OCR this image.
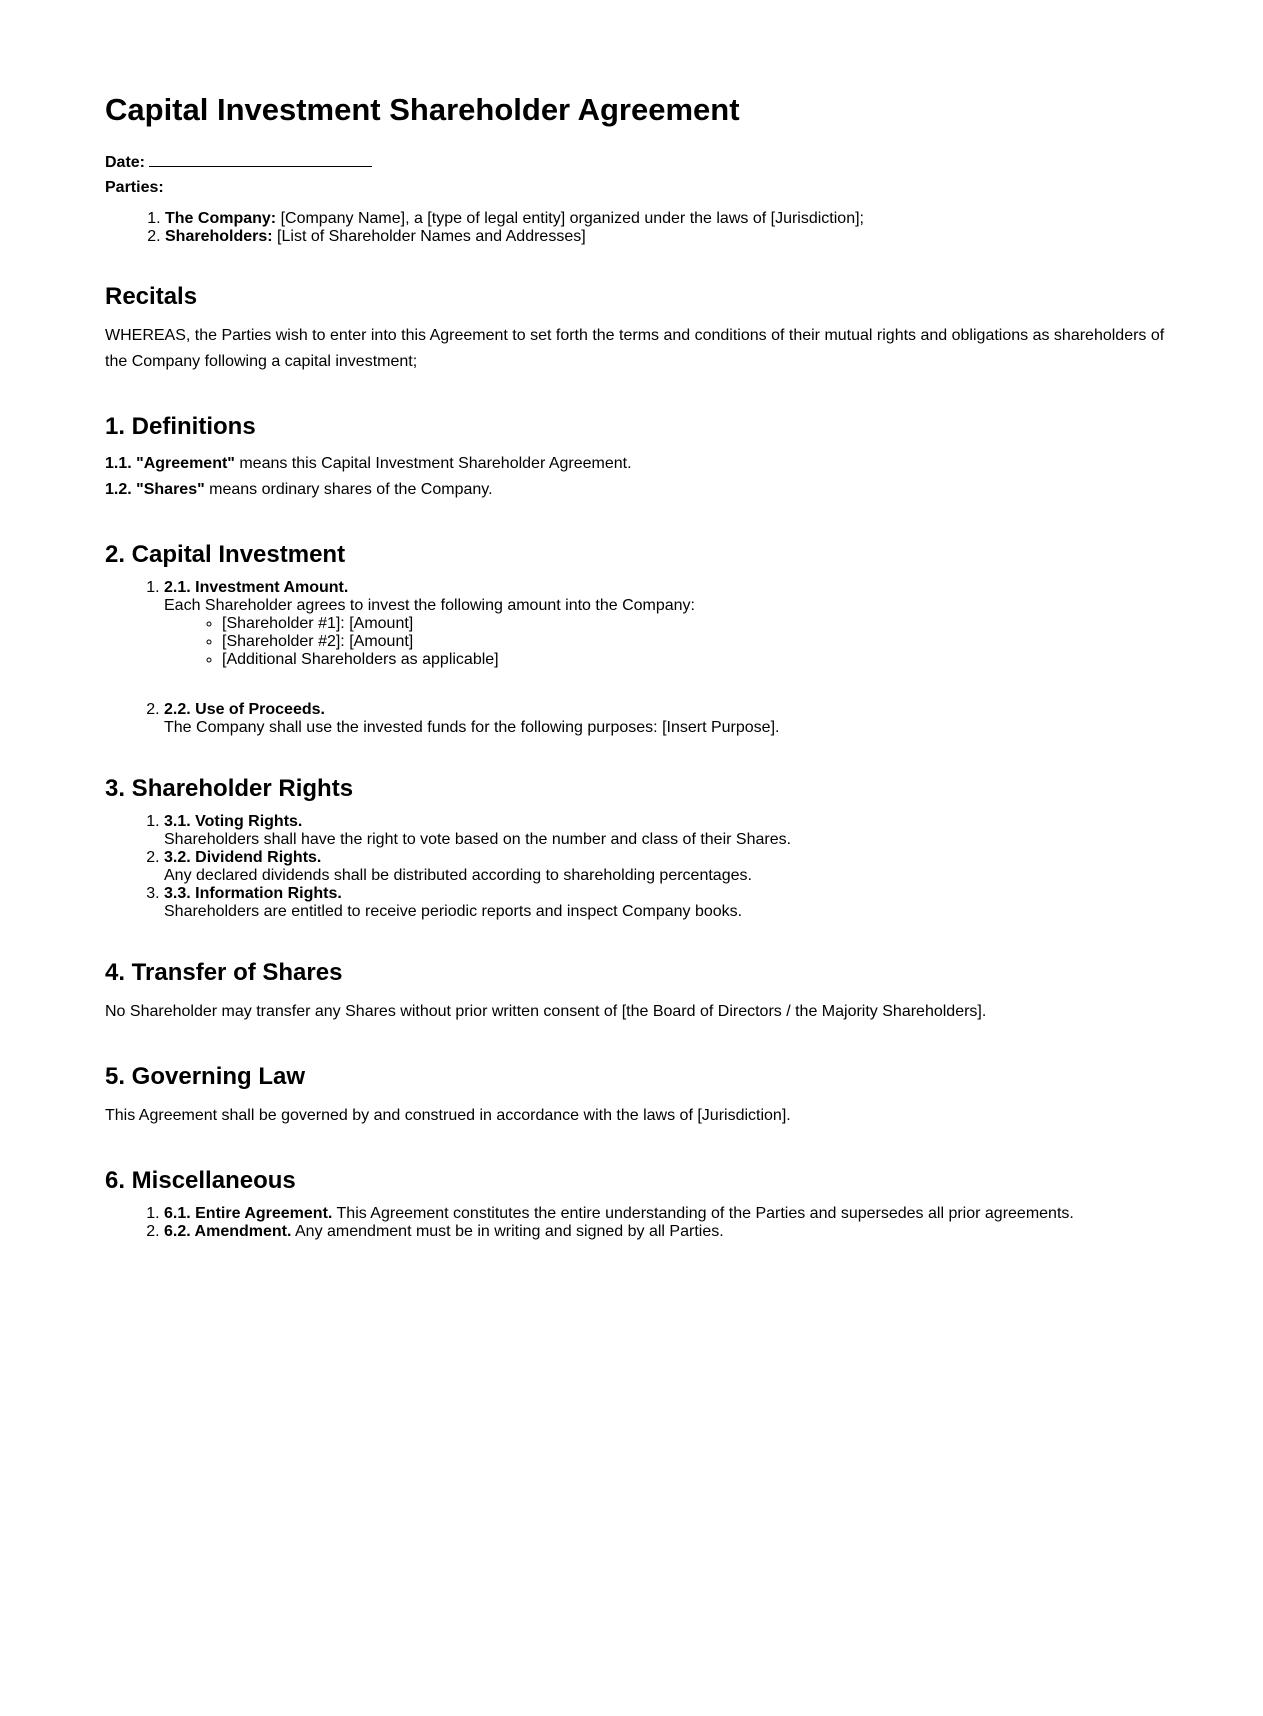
Capital Investment Shareholder Agreement
Date:
Parties:
1. The Company: [Company Name], a [type of legal entity] organized under the laws of [Jurisdiction];
2. Shareholders: [List of Shareholder Names and Addresses]
Recitals

WHEREAS, the Parties wish to enter into this Agreement to set forth the terms and conditions of their mutual rights and obligations as shareholders of the Company following a capital investment;

1. Definitions

1.1. "Agreement" means this Capital Investment Shareholder Agreement.

1.2. "Shares" means ordinary shares of the Company.

2. Capital Investment
1. 2.1. Investment Amount.
Each Shareholder agrees to invest the following amount into the Company:
◦ [Shareholder #1]: [Amount]
◦ [Shareholder #2]: [Amount]
◦ [Additional Shareholders as applicable]
2. 2.2. Use of Proceeds.
The Company shall use the invested funds for the following purposes: [Insert Purpose].
3. Shareholder Rights
1. 3.1. Voting Rights.
Shareholders shall have the right to vote based on the number and class of their Shares.
2. 3.2. Dividend Rights.
Any declared dividends shall be distributed according to shareholding percentages.
3. 3.3. Information Rights.
Shareholders are entitled to receive periodic reports and inspect Company books.
4. Transfer of Shares

No Shareholder may transfer any Shares without prior written consent of [the Board of Directors / the Majority Shareholders].

5. Governing Law

This Agreement shall be governed by and construed in accordance with the laws of [Jurisdiction].

6. Miscellaneous
1. 6.1. Entire Agreement. This Agreement constitutes the entire understanding of the Parties and supersedes all prior agreements.
2. 6.2. Amendment. Any amendment must be in writing and signed by all Parties.
